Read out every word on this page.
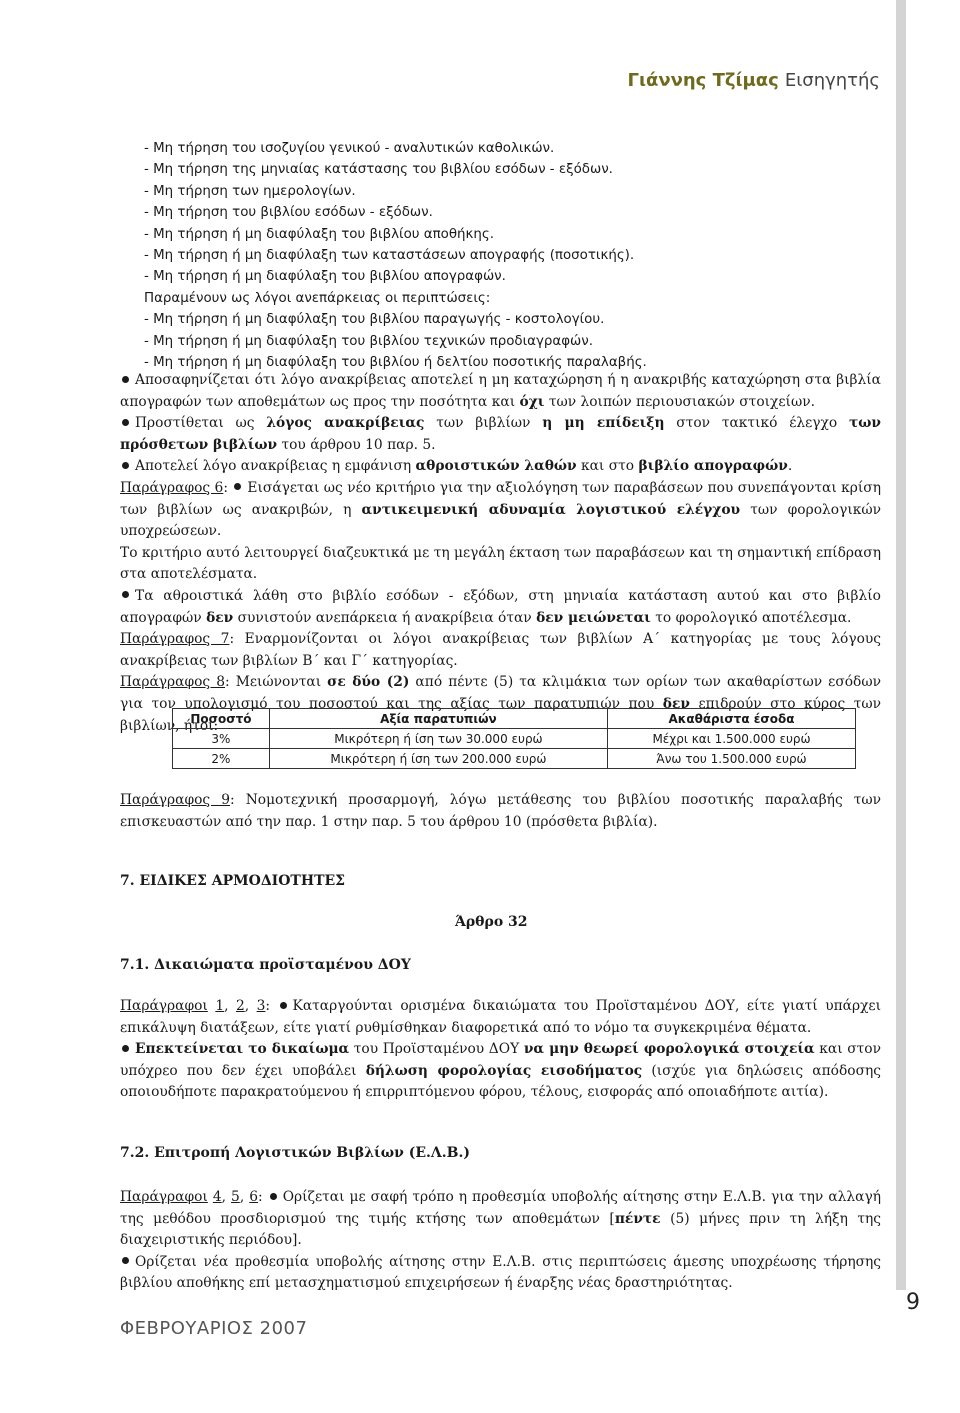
Γιάννης Τζίμας Εισηγητής
- Μη τήρηση του ισοζυγίου γενικού - αναλυτικών καθολικών.
- Μη τήρηση της μηνιαίας κατάστασης του βιβλίου εσόδων - εξόδων.
- Μη τήρηση των ημερολογίων.
- Μη τήρηση του βιβλίου εσόδων - εξόδων.
- Μη τήρηση ή μη διαφύλαξη του βιβλίου αποθήκης.
- Μη τήρηση ή μη διαφύλαξη των καταστάσεων απογραφής (ποσοτικής).
- Μη τήρηση ή μη διαφύλαξη του βιβλίου απογραφών.
Παραμένουν ως λόγοι ανεπάρκειας οι περιπτώσεις:
- Μη τήρηση ή μη διαφύλαξη του βιβλίου παραγωγής - κοστολογίου.
- Μη τήρηση ή μη διαφύλαξη του βιβλίου τεχνικών προδιαγραφών.
- Μη τήρηση ή μη διαφύλαξη του βιβλίου ή δελτίου ποσοτικής παραλαβής.

Αποσαφηνίζεται ότι λόγο ανακρίβειας αποτελεί η μη καταχώρηση ή η ανακριβής καταχώρηση στα βιβλία απογραφών των αποθεμάτων ως προς την ποσότητα και όχι των λοιπών περιουσιακών στοιχείων.

Προστίθεται ως λόγος ανακρίβειας των βιβλίων η μη επίδειξη στον τακτικό έλεγχο των πρόσθετων βιβλίων του άρθρου 10 παρ. 5.

Αποτελεί λόγο ανακρίβειας η εμφάνιση αθροιστικών λαθών και στο βιβλίο απογραφών.

Παράγραφος 6: Εισάγεται ως νέο κριτήριο για την αξιολόγηση των παραβάσεων που συνεπάγονται κρίση των βιβλίων ως ανακριβών, η αντικειμενική αδυναμία λογιστικού ελέγχου των φορολογικών υποχρεώσεων.

Το κριτήριο αυτό λειτουργεί διαζευκτικά με τη μεγάλη έκταση των παραβάσεων και τη σημαντική επίδραση στα αποτελέσματα.

Τα αθροιστικά λάθη στο βιβλίο εσόδων - εξόδων, στη μηνιαία κατάσταση αυτού και στο βιβλίο απογραφών δεν συνιστούν ανεπάρκεια ή ανακρίβεια όταν δεν μειώνεται το φορολογικό αποτέλεσμα.

Παράγραφος 7: Εναρμονίζονται οι λόγοι ανακρίβειας των βιβλίων Α΄ κατηγορίας με τους λόγους ανακρίβειας των βιβλίων Β΄ και Γ΄ κατηγορίας.

Παράγραφος 8: Μειώνονται σε δύο (2) από πέντε (5) τα κλιμάκια των ορίων των ακαθαρίστων εσόδων για τον υπολογισμό του ποσοστού και της αξίας των παρατυπιών που δεν επιδρούν στο κύρος των βιβλίων, ήτοι:

Ποσοστό	Αξία παρατυπιών	Ακαθάριστα έσοδα
3%	Μικρότερη ή ίση των 30.000 ευρώ	Μέχρι και 1.500.000 ευρώ
2%	Μικρότερη ή ίση των 200.000 ευρώ	Άνω του 1.500.000 ευρώ
Παράγραφος 9: Νομοτεχνική προσαρμογή, λόγω μετάθεσης του βιβλίου ποσοτικής παραλαβής των επισκευαστών από την παρ. 1 στην παρ. 5 του άρθρου 10 (πρόσθετα βιβλία).
7. ΕΙΔΙΚΕΣ ΑΡΜΟΔΙΟΤΗΤΕΣ
Άρθρο 32
7.1. Δικαιώματα προϊσταμένου ΔΟΥ

Παράγραφοι 1, 2, 3: Καταργούνται ορισμένα δικαιώματα του Προϊσταμένου ΔΟΥ, είτε γιατί υπάρχει επικάλυψη διατάξεων, είτε γιατί ρυθμίσθηκαν διαφορετικά από το νόμο τα συγκεκριμένα θέματα.

Επεκτείνεται το δικαίωμα του Προϊσταμένου ΔΟΥ να μην θεωρεί φορολογικά στοιχεία και στον υπόχρεο που δεν έχει υποβάλει δήλωση φορολογίας εισοδήματος (ισχύε για δηλώσεις απόδοσης οποιουδήποτε παρακρατούμενου ή επιρριπτόμενου φόρου, τέλους, εισφοράς από οποιαδήποτε αιτία).

7.2. Επιτροπή Λογιστικών Βιβλίων (Ε.Λ.Β.)

Παράγραφοι 4, 5, 6: Ορίζεται με σαφή τρόπο η προθεσμία υποβολής αίτησης στην Ε.Λ.Β. για την αλλαγή της μεθόδου προσδιορισμού της τιμής κτήσης των αποθεμάτων [πέντε (5) μήνες πριν τη λήξη της διαχειριστικής περιόδου].

Ορίζεται νέα προθεσμία υποβολής αίτησης στην Ε.Λ.Β. στις περιπτώσεις άμεσης υποχρέωσης τήρησης βιβλίου αποθήκης επί μετασχηματισμού επιχειρήσεων ή έναρξης νέας δραστηριότητας.

ΦΕΒΡΟΥΑΡΙΟΣ 2007
9
